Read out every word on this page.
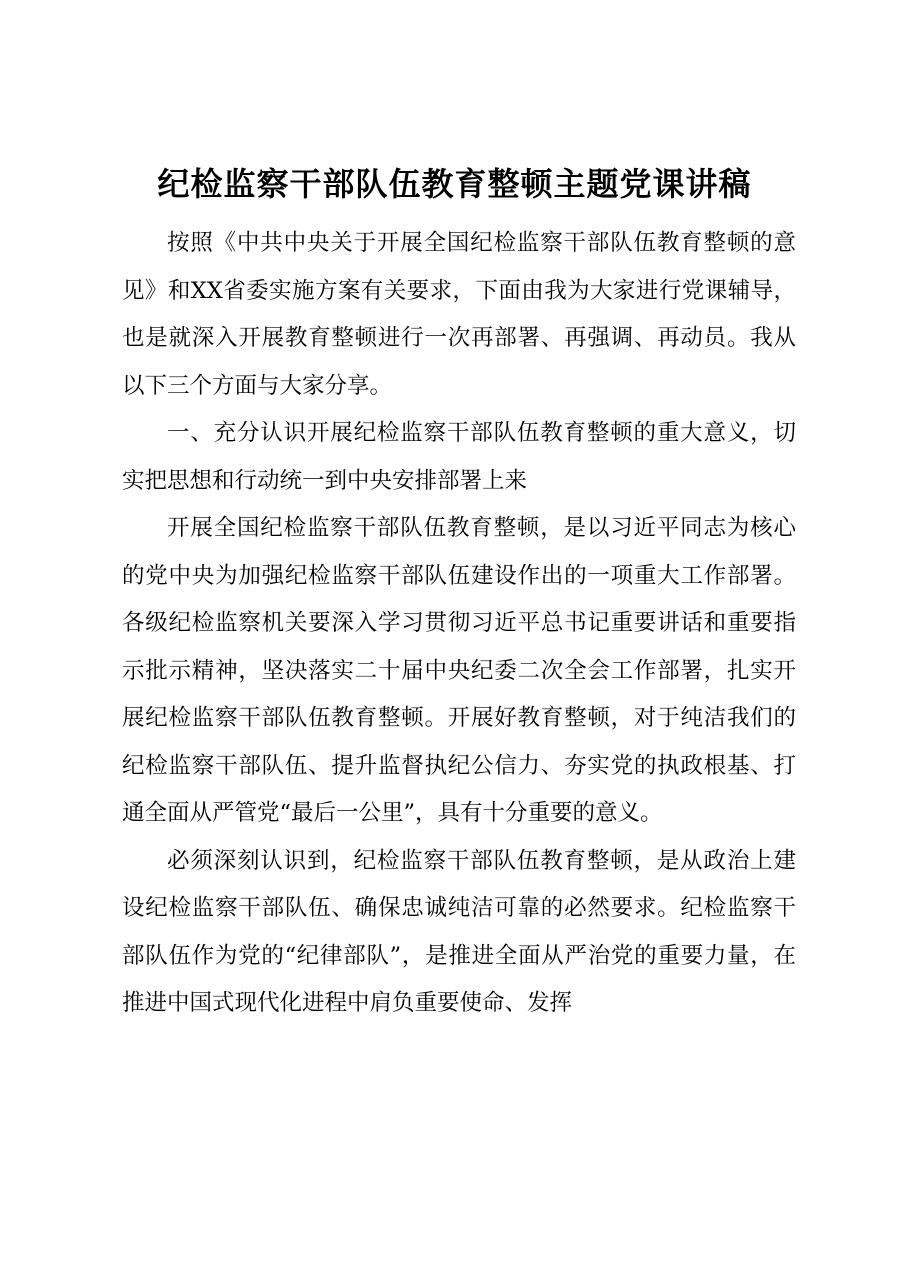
纪检监察干部队伍教育整顿主题党课讲稿

按照《中共中央关于开展全国纪检监察干部队伍教育整顿的意见》和XX省委实施方案有关要求，下面由我为大家进行党课辅导，也是就深入开展教育整顿进行一次再部署、再强调、再动员。我从以下三个方面与大家分享。

一、充分认识开展纪检监察干部队伍教育整顿的重大意义，切实把思想和行动统一到中央安排部署上来

开展全国纪检监察干部队伍教育整顿，是以习近平同志为核心的党中央为加强纪检监察干部队伍建设作出的一项重大工作部署。各级纪检监察机关要深入学习贯彻习近平总书记重要讲话和重要指示批示精神，坚决落实二十届中央纪委二次全会工作部署，扎实开展纪检监察干部队伍教育整顿。开展好教育整顿，对于纯洁我们的纪检监察干部队伍、提升监督执纪公信力、夯实党的执政根基、打通全面从严管党“最后一公里”，具有十分重要的意义。

必须深刻认识到，纪检监察干部队伍教育整顿，是从政治上建设纪检监察干部队伍、确保忠诚纯洁可靠的必然要求。纪检监察干部队伍作为党的“纪律部队”，是推进全面从严治党的重要力量，在推进中国式现代化进程中肩负重要使命、发挥
